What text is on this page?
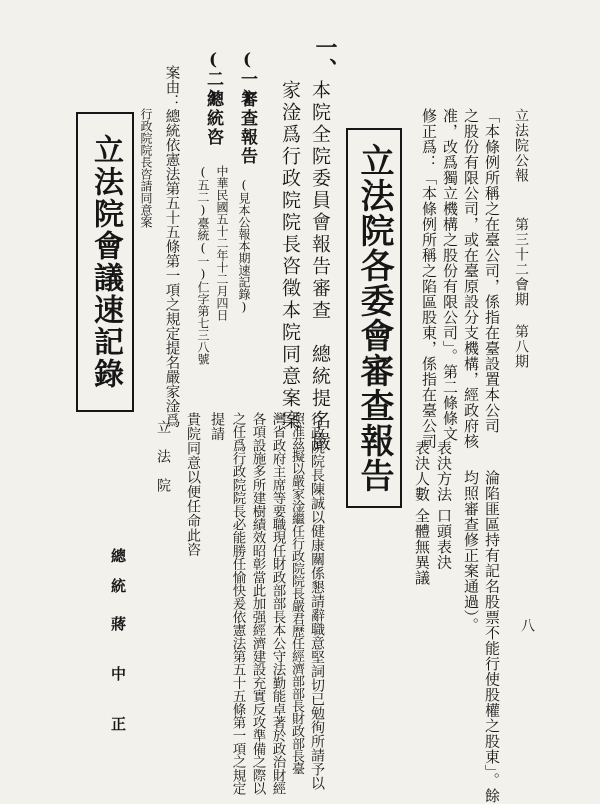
立法院公報  第三十二會期 第八期
八
「本條例所稱之在臺公司，係指在臺設置本公司
之股份有限公司，或在臺原設分支機構，經政府核
准，改爲獨立機構之股份有限公司」。第二條條文
修正爲：「本條例所稱之陷區股東，係指在臺公司
淪陷匪區持有記名股票不能行使股權之股東」。餘
均照審查修正案通過）。
表決方法
口頭表決
表決人數
全體無異議
立法院各委會審查報告
一、
本院全院委員會報告審查　總統提名嚴
家淦爲行政院院長咨徵本院同意案案
(一)
審查報告
(見本公報本期速記錄)
(二)
總統咨
中華民國五十二年十二月四日
(五二)臺統(一)仁字第七三八號
案由：總統依憲法第五十五條第一項之規定提名嚴家淦爲
行政院院長咨請同意案
行政院院長陳誠以健康關係懇請辭職意堅詞切已勉徇所請予以
照准茲擬以嚴家淦繼任行政院院長嚴君歷任經濟部部長財政部長臺
灣省政府主席等要職現任財政部部長本公守法勤能卓著於政治財經
各項設施多所建樹績效昭彰當此加强經濟建設充實反攻準備之際以
之任爲行政院院長必能勝任愉快爰依憲法第五十五條第一項之規定
提請
貴院同意以便任命此咨
立　法　院
總　統
蔣
中
正
立法院會議速記錄
